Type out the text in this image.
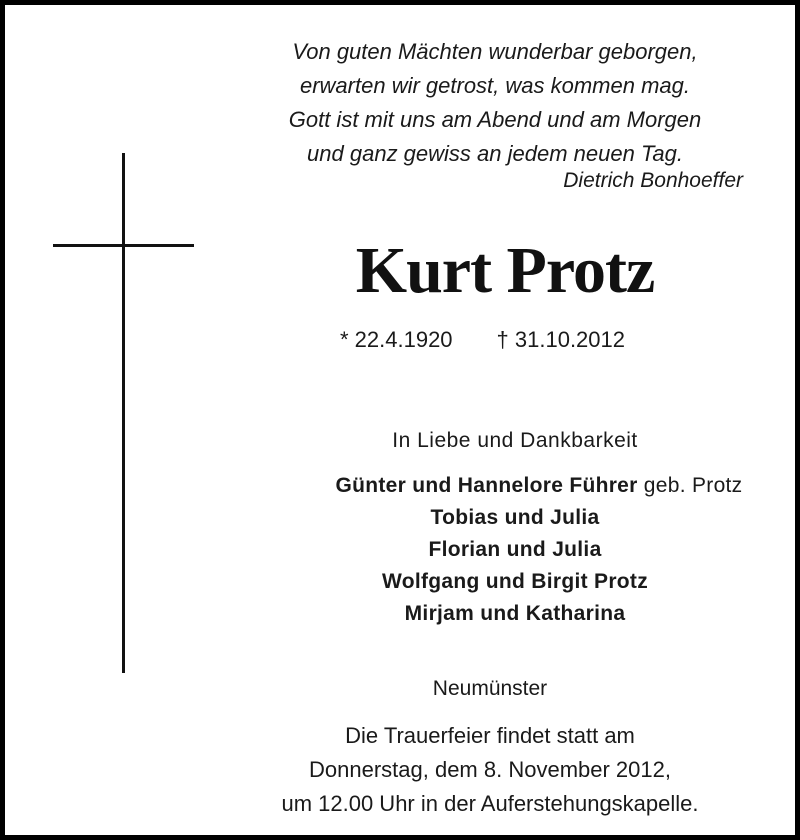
Von guten Mächten wunderbar geborgen,
erwarten wir getrost, was kommen mag.
Gott ist mit uns am Abend und am Morgen
und ganz gewiss an jedem neuen Tag.
Dietrich Bonhoeffer
Kurt Protz
* 22.4.1920 † 31.10.2012
In Liebe und Dankbarkeit
Günter und Hannelore Führer geb. Protz
Tobias und Julia
Florian und Julia
Wolfgang und Birgit Protz
Mirjam und Katharina
Neumünster
Die Trauerfeier findet statt am
Donnerstag, dem 8. November 2012,
um 12.00 Uhr in der Auferstehungskapelle.
